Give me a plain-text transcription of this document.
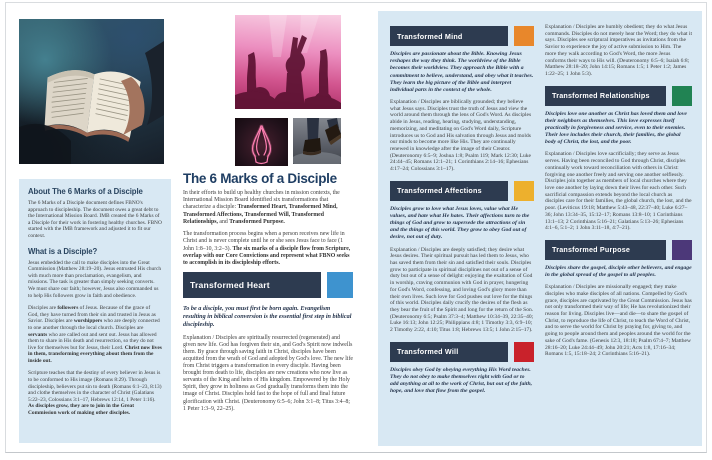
About The 6 Marks of a Disciple

The 6 Marks of a Disciple document defines FBNO's approach to discipleship. The document owes a great debt to the International Mission Board. IMB created the 6 Marks of a Disciple for their work in fostering healthy churches. FBNO started with the IMB framework and adjusted it to fit our context.

What is a Disciple?

Jesus embedded the call to make disciples into the Great Commission (Matthew 28:19–20). Jesus entrusted His church with much more than proclamation, evangelism, and missions. The task is greater than simply seeking converts. We must share our faith; however, Jesus also commanded us to help His followers grow in faith and obedience.

Disciples are followers of Jesus. Because of the grace of God, they have turned from their sin and trusted in Jesus as Savior. Disciples are worshippers who are deeply connected to one another through the local church. Disciples are servants who are called out and sent out. Jesus has allowed them to share in His death and resurrection, so they do not live for themselves but for Jesus, their Lord. Christ now lives in them, transforming everything about them from the inside out.

Scripture teaches that the destiny of every believer in Jesus is to be conformed to His image (Romans 8:29). Through discipleship, believers put sin to death (Romans 6:1–23, 8:13) and clothe themselves in the character of Christ (Galatians 5:22–23, Colossians 3:1–17, Hebrews 12:14, 1 Peter 1:16). As disciples grow, they are to join in the Great Commission work of making other disciples.

The 6 Marks of a Disciple

In their efforts to build up healthy churches in mission contexts, the International Mission Board identified six transformations that characterize a disciple: Transformed Heart, Transformed Mind, Transformed Affections, Transformed Will, Transformed Relationships, and Transformed Purpose.

The transformation process begins when a person receives new life in Christ and is never complete until he or she sees Jesus face to face (1 John 1:8–10, 3:2–3). The six marks of a disciple flow from Scripture, overlap with our Core Convictions and represent what FBNO seeks to accomplish in its discipleship efforts.

Transformed Heart

To be a disciple, you must first be born again. Evangelism resulting in biblical conversion is the essential first step in biblical discipleship.

Explanation / Disciples are spiritually resurrected (regenerated) and given new life. God has forgiven their sin, and God's Spirit now indwells them. By grace through saving faith in Christ, disciples have been acquitted from the wrath of God and adopted by God's love. The new life from Christ triggers a transformation in every disciple. Having been brought from death to life, disciples are new creations who now live as servants of the King and heirs of His kingdom. Empowered by the Holy Spirit, they grow in holiness as God gradually transforms them into the image of Christ. Disciples hold fast to the hope of full and final future glorification with Christ. (Deuteronomy 6:5–6; John 3:1–8; Titus 3:4–8; 1 Peter 1:3–9, 22–25).

Transformed Mind

Disciples are passionate about the Bible. Knowing Jesus reshapes the way they think. The worldview of the Bible becomes their worldview. They approach the Bible with a commitment to believe, understand, and obey what it teaches. They learn the big picture of the Bible and interpret individual parts in the context of the whole.

Explanation / Disciples are biblically grounded; they believe what Jesus says. Disciples trust the truth of Jesus and view the world around them through the lens of God's Word. As disciples abide in Jesus, reading, hearing, studying, understanding, memorizing, and meditating on God's Word daily, Scripture introduces us to God and His salvation through Jesus and molds our minds to become more like His. They are continually renewed in knowledge after the image of their Creator. (Deuteronomy 6:5–9; Joshua 1:8; Psalm 119; Mark 12:30; Luke 24:44–45; Romans 12:1–21; 1 Corinthians 2:14–16; Ephesians 4:17–24; Colossians 3:1–17).

Transformed Affections

Disciples grow to love what Jesus loves, value what He values, and hate what He hates. Their affections turn to the things of God and grow to supersede the attractions of sin and the things of this world. They grow to obey God out of desire, not out of duty.

Explanation / Disciples are deeply satisfied; they desire what Jesus desires. Their spiritual pursuit has led them to Jesus, who has saved them from their sin and satisfied their souls. Disciples grow to participate in spiritual disciplines not out of a sense of duty but out of a sense of delight: enjoying the exaltation of God in worship, craving communion with God in prayer, hungering for God's Word, confessing, and loving God's glory more than their own lives. Such love for God pushes out love for the things of this world. Disciples daily crucify the desires of the flesh as they bear the fruit of the Spirit and long for the return of the Son. (Deuteronomy 6:5; Psalm 37:3–4; Matthew 10:34–39, 22:35–40; Luke 16:13; John 12:25; Philippians 4:8; 1 Timothy 3:3, 6:9–10; 2 Timothy 2:22, 4:10; Titus 1:8; Hebrews 13:5; 1 John 2:15–17).

Transformed Will

Disciples obey God by obeying everything His Word teaches. They do not obey to make themselves right with God or to add anything at all to the work of Christ, but out of the faith, hope, and love that flow from the gospel.

Explanation / Disciples are humbly obedient; they do what Jesus commands. Disciples do not merely hear the Word; they do what it says. Disciples see scriptural imperatives as invitations from the Savior to experience the joy of active submission to Him. The more they walk according to God's Word, the more Jesus conforms their ways to His will. (Deuteronomy 6:5–6; Isaiah 6:8; Matthew 28:18–20; John 14:15; Romans 1:5; 1 Peter 1:2; James 1:22–25; 1 John 5:3).

Transformed Relationships

Disciples love one another as Christ has loved them and love their neighbors as themselves. This love expresses itself practically in forgiveness and service, even to their enemies. Their love includes their church, their families, the global body of Christ, the lost, and the poor.

Explanation / Disciples love sacrificially; they serve as Jesus serves. Having been reconciled to God through Christ, disciples continually work toward reconciliation with others in Christ: forgiving one another freely and serving one another selflessly. Disciples join together as members of local churches where they love one another by laying down their lives for each other. Such sacrificial compassion extends beyond the local church as disciples care for their families, the global church, the lost, and the poor. (Leviticus 19:18; Matthew 5:43–48, 22:37–40; Luke 6:27–36; John 13:34–35, 15:12–17; Romans 13:8–10; 1 Corinthians 13:1–13; 2 Corinthians 5:16–21; Galatians 5:13–26; Ephesians 4:1–6, 5:1–2; 1 John 3:11–18, 4:7–21).

Transformed Purpose

Disciples share the gospel, disciple other believers, and engage in the global spread of the gospel to all peoples.

Explanation / Disciples are missionally engaged; they make disciples who make disciples of all nations. Compelled by God's grace, disciples are captivated by the Great Commission. Jesus has not only transformed their way of life; He has revolutionized their reason for living. Disciples live—and die—to share the gospel of Christ, to reproduce the life of Christ, to teach the Word of Christ, and to serve the world for Christ by praying for, giving to, and going to people around them and peoples around the world for the sake of God's fame. (Genesis 12:3, 18:18; Psalm 67:4–7; Matthew 28:16–20; Luke 24:44–49; John 20:21; Acts 1:8, 17:16–34; Romans 1:5, 15:18–24; 2 Corinthians 5:16–21).
